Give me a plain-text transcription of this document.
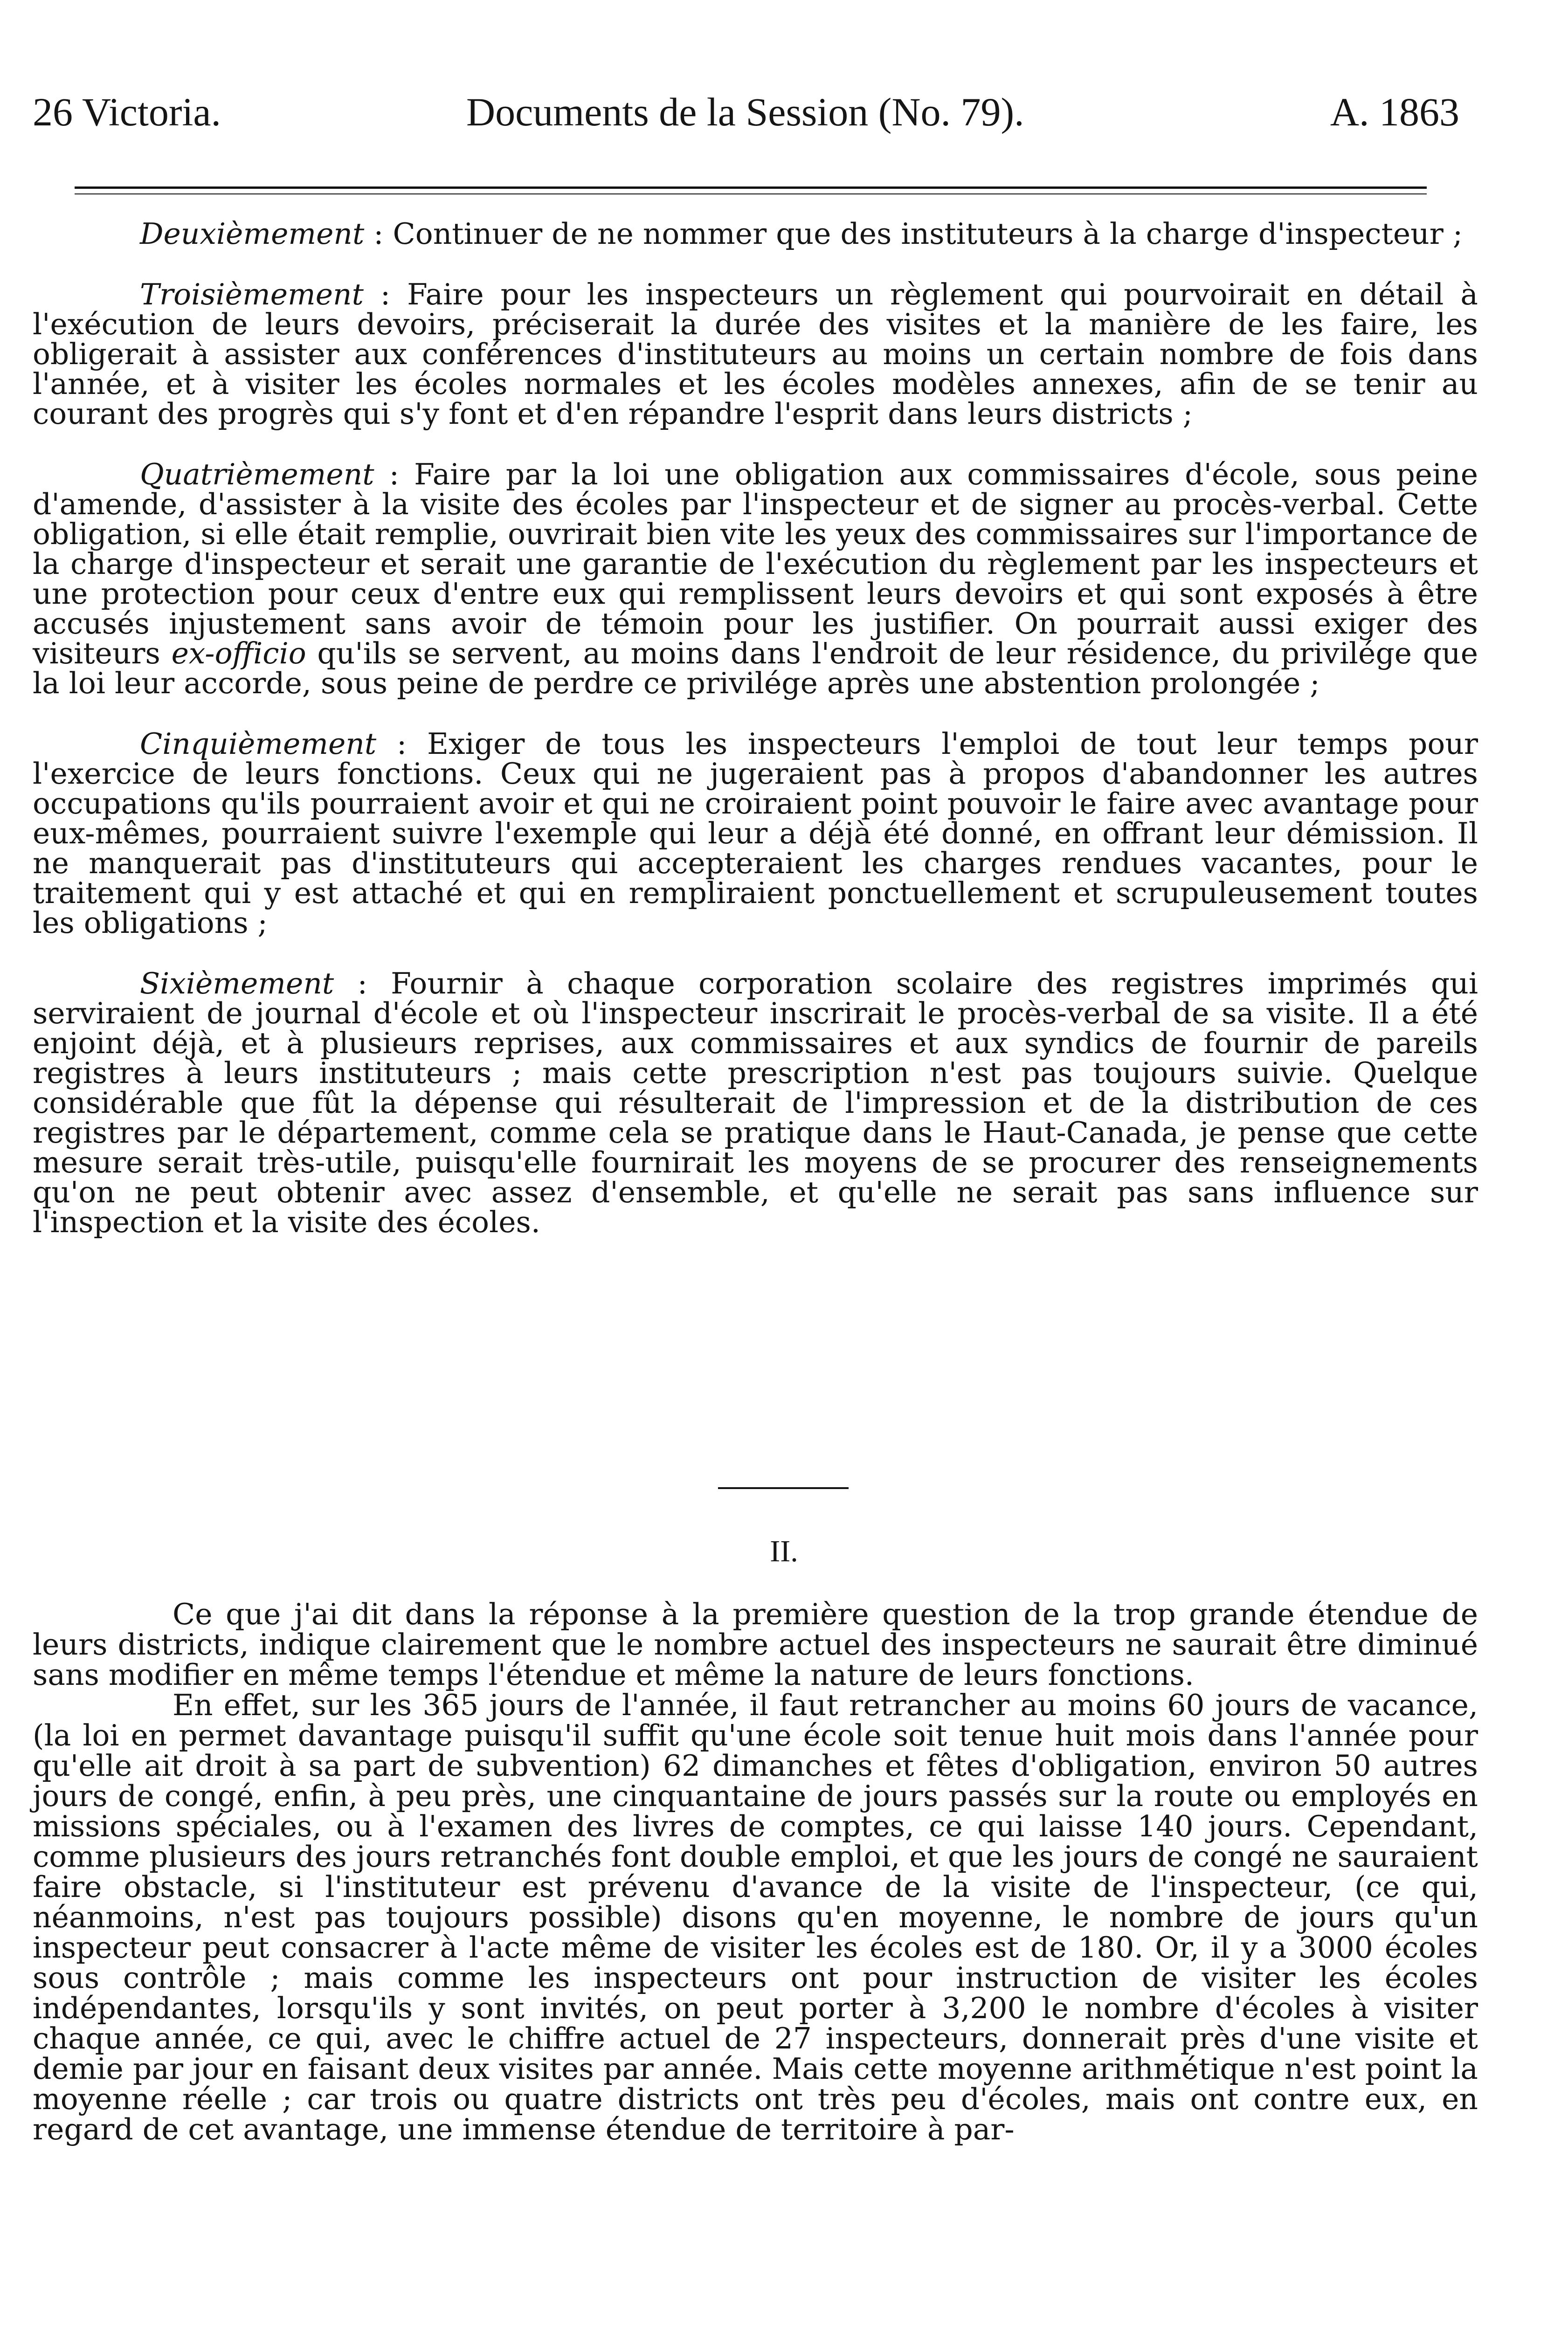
26 Victoria.	Documents de la Session (No. 79).	A. 1863

Deuxièmement : Continuer de ne nommer que des instituteurs à la charge d'inspecteur ;

Troisièmement : Faire pour les inspecteurs un règlement qui pourvoirait en détail à l'exécution de leurs devoirs, préciserait la durée des visites et la manière de les faire, les obligerait à assister aux conférences d'instituteurs au moins un certain nombre de fois dans l'année, et à visiter les écoles normales et les écoles modèles annexes, afin de se tenir au courant des progrès qui s'y font et d'en répandre l'esprit dans leurs districts ;

Quatrièmement : Faire par la loi une obligation aux commissaires d'école, sous peine d'amende, d'assister à la visite des écoles par l'inspecteur et de signer au procès-verbal. Cette obligation, si elle était remplie, ouvrirait bien vite les yeux des commissaires sur l'importance de la charge d'inspecteur et serait une garantie de l'exécution du règlement par les inspecteurs et une protection pour ceux d'entre eux qui remplissent leurs devoirs et qui sont exposés à être accusés injustement sans avoir de témoin pour les justifier. On pourrait aussi exiger des visiteurs ex-officio qu'ils se servent, au moins dans l'endroit de leur résidence, du privilége que la loi leur accorde, sous peine de perdre ce privilége après une abstention prolongée ;

Cinquièmement : Exiger de tous les inspecteurs l'emploi de tout leur temps pour l'exercice de leurs fonctions. Ceux qui ne jugeraient pas à propos d'abandonner les autres occupations qu'ils pourraient avoir et qui ne croiraient point pouvoir le faire avec avantage pour eux-mêmes, pourraient suivre l'exemple qui leur a déjà été donné, en offrant leur démission. Il ne manquerait pas d'instituteurs qui accepteraient les charges rendues vacantes, pour le traitement qui y est attaché et qui en rempliraient ponctuellement et scrupuleusement toutes les obligations ;

Sixièmement : Fournir à chaque corporation scolaire des registres imprimés qui serviraient de journal d'école et où l'inspecteur inscrirait le procès-verbal de sa visite. Il a été enjoint déjà, et à plusieurs reprises, aux commissaires et aux syndics de fournir de pareils registres à leurs instituteurs ; mais cette prescription n'est pas toujours suivie. Quelque considérable que fût la dépense qui résulterait de l'impression et de la distribution de ces registres par le département, comme cela se pratique dans le Haut-Canada, je pense que cette mesure serait très-utile, puisqu'elle fournirait les moyens de se procurer des renseignements qu'on ne peut obtenir avec assez d'ensemble, et qu'elle ne serait pas sans influence sur l'inspection et la visite des écoles.

II.

Ce que j'ai dit dans la réponse à la première question de la trop grande étendue de leurs districts, indique clairement que le nombre actuel des inspecteurs ne saurait être diminué sans modifier en même temps l'étendue et même la nature de leurs fonctions.

En effet, sur les 365 jours de l'année, il faut retrancher au moins 60 jours de vacance, (la loi en permet davantage puisqu'il suffit qu'une école soit tenue huit mois dans l'année pour qu'elle ait droit à sa part de subvention) 62 dimanches et fêtes d'obligation, environ 50 autres jours de congé, enfin, à peu près, une cinquantaine de jours passés sur la route ou employés en missions spéciales, ou à l'examen des livres de comptes, ce qui laisse 140 jours. Cependant, comme plusieurs des jours retranchés font double emploi, et que les jours de congé ne sauraient faire obstacle, si l'instituteur est prévenu d'avance de la visite de l'inspecteur, (ce qui, néanmoins, n'est pas toujours possible) disons qu'en moyenne, le nombre de jours qu'un inspecteur peut consacrer à l'acte même de visiter les écoles est de 180. Or, il y a 3000 écoles sous contrôle ; mais comme les inspecteurs ont pour instruction de visiter les écoles indépendantes, lorsqu'ils y sont invités, on peut porter à 3,200 le nombre d'écoles à visiter chaque année, ce qui, avec le chiffre actuel de 27 inspecteurs, donnerait près d'une visite et demie par jour en faisant deux visites par année. Mais cette moyenne arithmétique n'est point la moyenne réelle ; car trois ou quatre districts ont très peu d'écoles, mais ont contre eux, en regard de cet avantage, une immense étendue de territoire à par-
